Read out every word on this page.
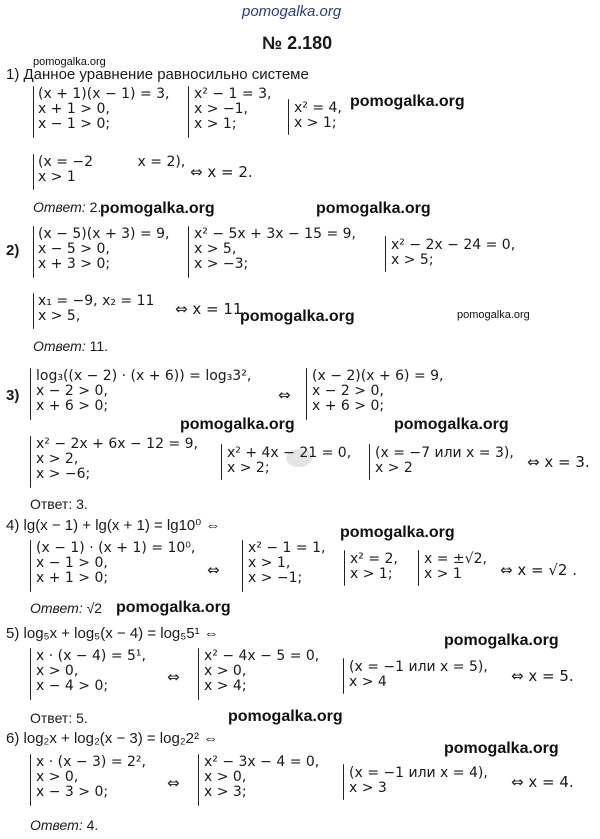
pomogalka.org
№ 2.180
pomogalka.org
1) Данное уравнение равносильно системе
(x + 1)(x − 1) = 3,
x + 1 > 0,
x − 1 > 0;
x² − 1 = 3,
x > −1,
x > 1;
x² = 4,
x > 1;
pomogalka.org
(x = −2	x = 2),
x > 1	⇔ x = 2.
Ответ: 2.
pomogalka.org	pomogalka.org
2)
(x − 5)(x + 3) = 9,
x − 5 > 0,
x + 3 > 0;
x² − 5x + 3x − 15 = 9,
x > 5,
x > −3;
x² − 2x − 24 = 0,
x > 5;
x₁ = −9, x₂ = 11
x > 5,	⇔ x = 11.
pomogalka.org	pomogalka.org
Ответ: 11.
3)
log₃((x − 2) · (x + 6)) = log₃3²,
x − 2 > 0,
x + 6 > 0;
⇔
(x − 2)(x + 6) = 9,
x − 2 > 0,
x + 6 > 0;
pomogalka.org	pomogalka.org
x² − 2x + 6x − 12 = 9,
x > 2,
x > −6;
x² + 4x − 21 = 0,
x > 2;
(x = −7 или x = 3),
x > 2	⇔ x = 3.
Ответ: 3.
4) lg(x − 1) + lg(x + 1) = lg10⁰ ⇔	pomogalka.org
(x − 1) · (x + 1) = 10⁰,
x − 1 > 0,
x + 1 > 0;	⇔
x² − 1 = 1,
x > 1,
x > −1;
x² = 2,
x > 1;
x = ±√2,
x > 1	⇔ x = √2 .
Ответ: √2 pomogalka.org
5) log₅x + log₅(x − 4) = log₅5¹ ⇔	pomogalka.org
x · (x − 4) = 5¹,
x > 0,
x − 4 > 0;	⇔
x² − 4x − 5 = 0,
x > 0,
x > 4;
(x = −1 или x = 5),
x > 4	⇔ x = 5.
Ответ: 5.	pomogalka.org
6) log₂x + log₂(x − 3) = log₂2² ⇔
pomogalka.org
x · (x − 3) = 2²,
x > 0,
x − 3 > 0;	⇔
x² − 3x − 4 = 0,
x > 0,
x > 3;
(x = −1 или x = 4),
x > 3	⇔ x = 4.
Ответ: 4.
